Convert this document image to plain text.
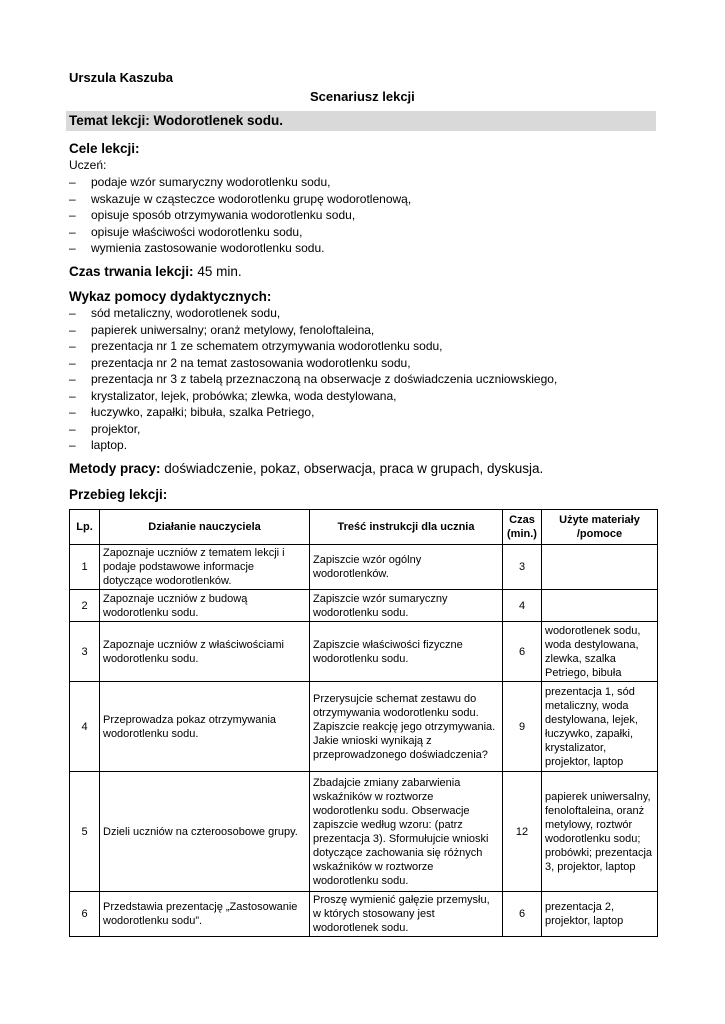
Urszula Kaszuba
Scenariusz lekcji
Temat lekcji: Wodorotlenek sodu.
Cele lekcji:
Uczeń:
– podaje wzór sumaryczny wodorotlenku sodu,
– wskazuje w cząsteczce wodorotlenku grupę wodorotlenową,
– opisuje sposób otrzymywania wodorotlenku sodu,
– opisuje właściwości wodorotlenku sodu,
– wymienia zastosowanie wodorotlenku sodu.
Czas trwania lekcji: 45 min.
Wykaz pomocy dydaktycznych:
– sód metaliczny, wodorotlenek sodu,
– papierek uniwersalny; oranż metylowy, fenoloftaleina,
– prezentacja nr 1 ze schematem otrzymywania wodorotlenku sodu,
– prezentacja nr 2 na temat zastosowania wodorotlenku sodu,
– prezentacja nr 3 z tabelą przeznaczoną na obserwacje z doświadczenia uczniowskiego,
– krystalizator, lejek, probówka; zlewka, woda destylowana,
– łuczywko, zapałki; bibuła, szalka Petriego,
– projektor,
– laptop.
Metody pracy: doświadczenie, pokaz, obserwacja, praca w grupach, dyskusja.
Przebieg lekcji:
Lp.	Działanie nauczyciela	Treść instrukcji dla ucznia	Czas (min.)	Użyte materiały /pomoce
1	Zapoznaje uczniów z tematem lekcji i podaje podstawowe informacje dotyczące wodorotlenków.	Zapiszcie wzór ogólny wodorotlenków.	3	
2	Zapoznaje uczniów z budową wodorotlenku sodu.	Zapiszcie wzór sumaryczny wodorotlenku sodu.	4	
3	Zapoznaje uczniów z właściwościami wodorotlenku sodu.	Zapiszcie właściwości fizyczne wodorotlenku sodu.	6	wodorotlenek sodu, woda destylowana, zlewka, szalka Petriego, bibuła
4	Przeprowadza pokaz otrzymywania wodorotlenku sodu.	Przerysujcie schemat zestawu do otrzymywania wodorotlenku sodu. Zapiszcie reakcję jego otrzymywania. Jakie wnioski wynikają z przeprowadzonego doświadczenia?	9	prezentacja 1, sód metaliczny, woda destylowana, lejek, łuczywko, zapałki, krystalizator, projektor, laptop
5	Dzieli uczniów na czteroosobowe grupy.	Zbadajcie zmiany zabarwienia wskaźników w roztworze wodorotlenku sodu. Obserwacje zapiszcie według wzoru: (patrz prezentacja 3). Sformułujcie wnioski dotyczące zachowania się różnych wskaźników w roztworze wodorotlenku sodu.	12	papierek uniwersalny, fenoloftaleina, oranż metylowy, roztwór wodorotlenku sodu; probówki; prezentacja 3, projektor, laptop
6	Przedstawia prezentację „Zastosowanie wodorotlenku sodu”.	Proszę wymienić gałęzie przemysłu, w których stosowany jest wodorotlenek sodu.	6	prezentacja 2, projektor, laptop
